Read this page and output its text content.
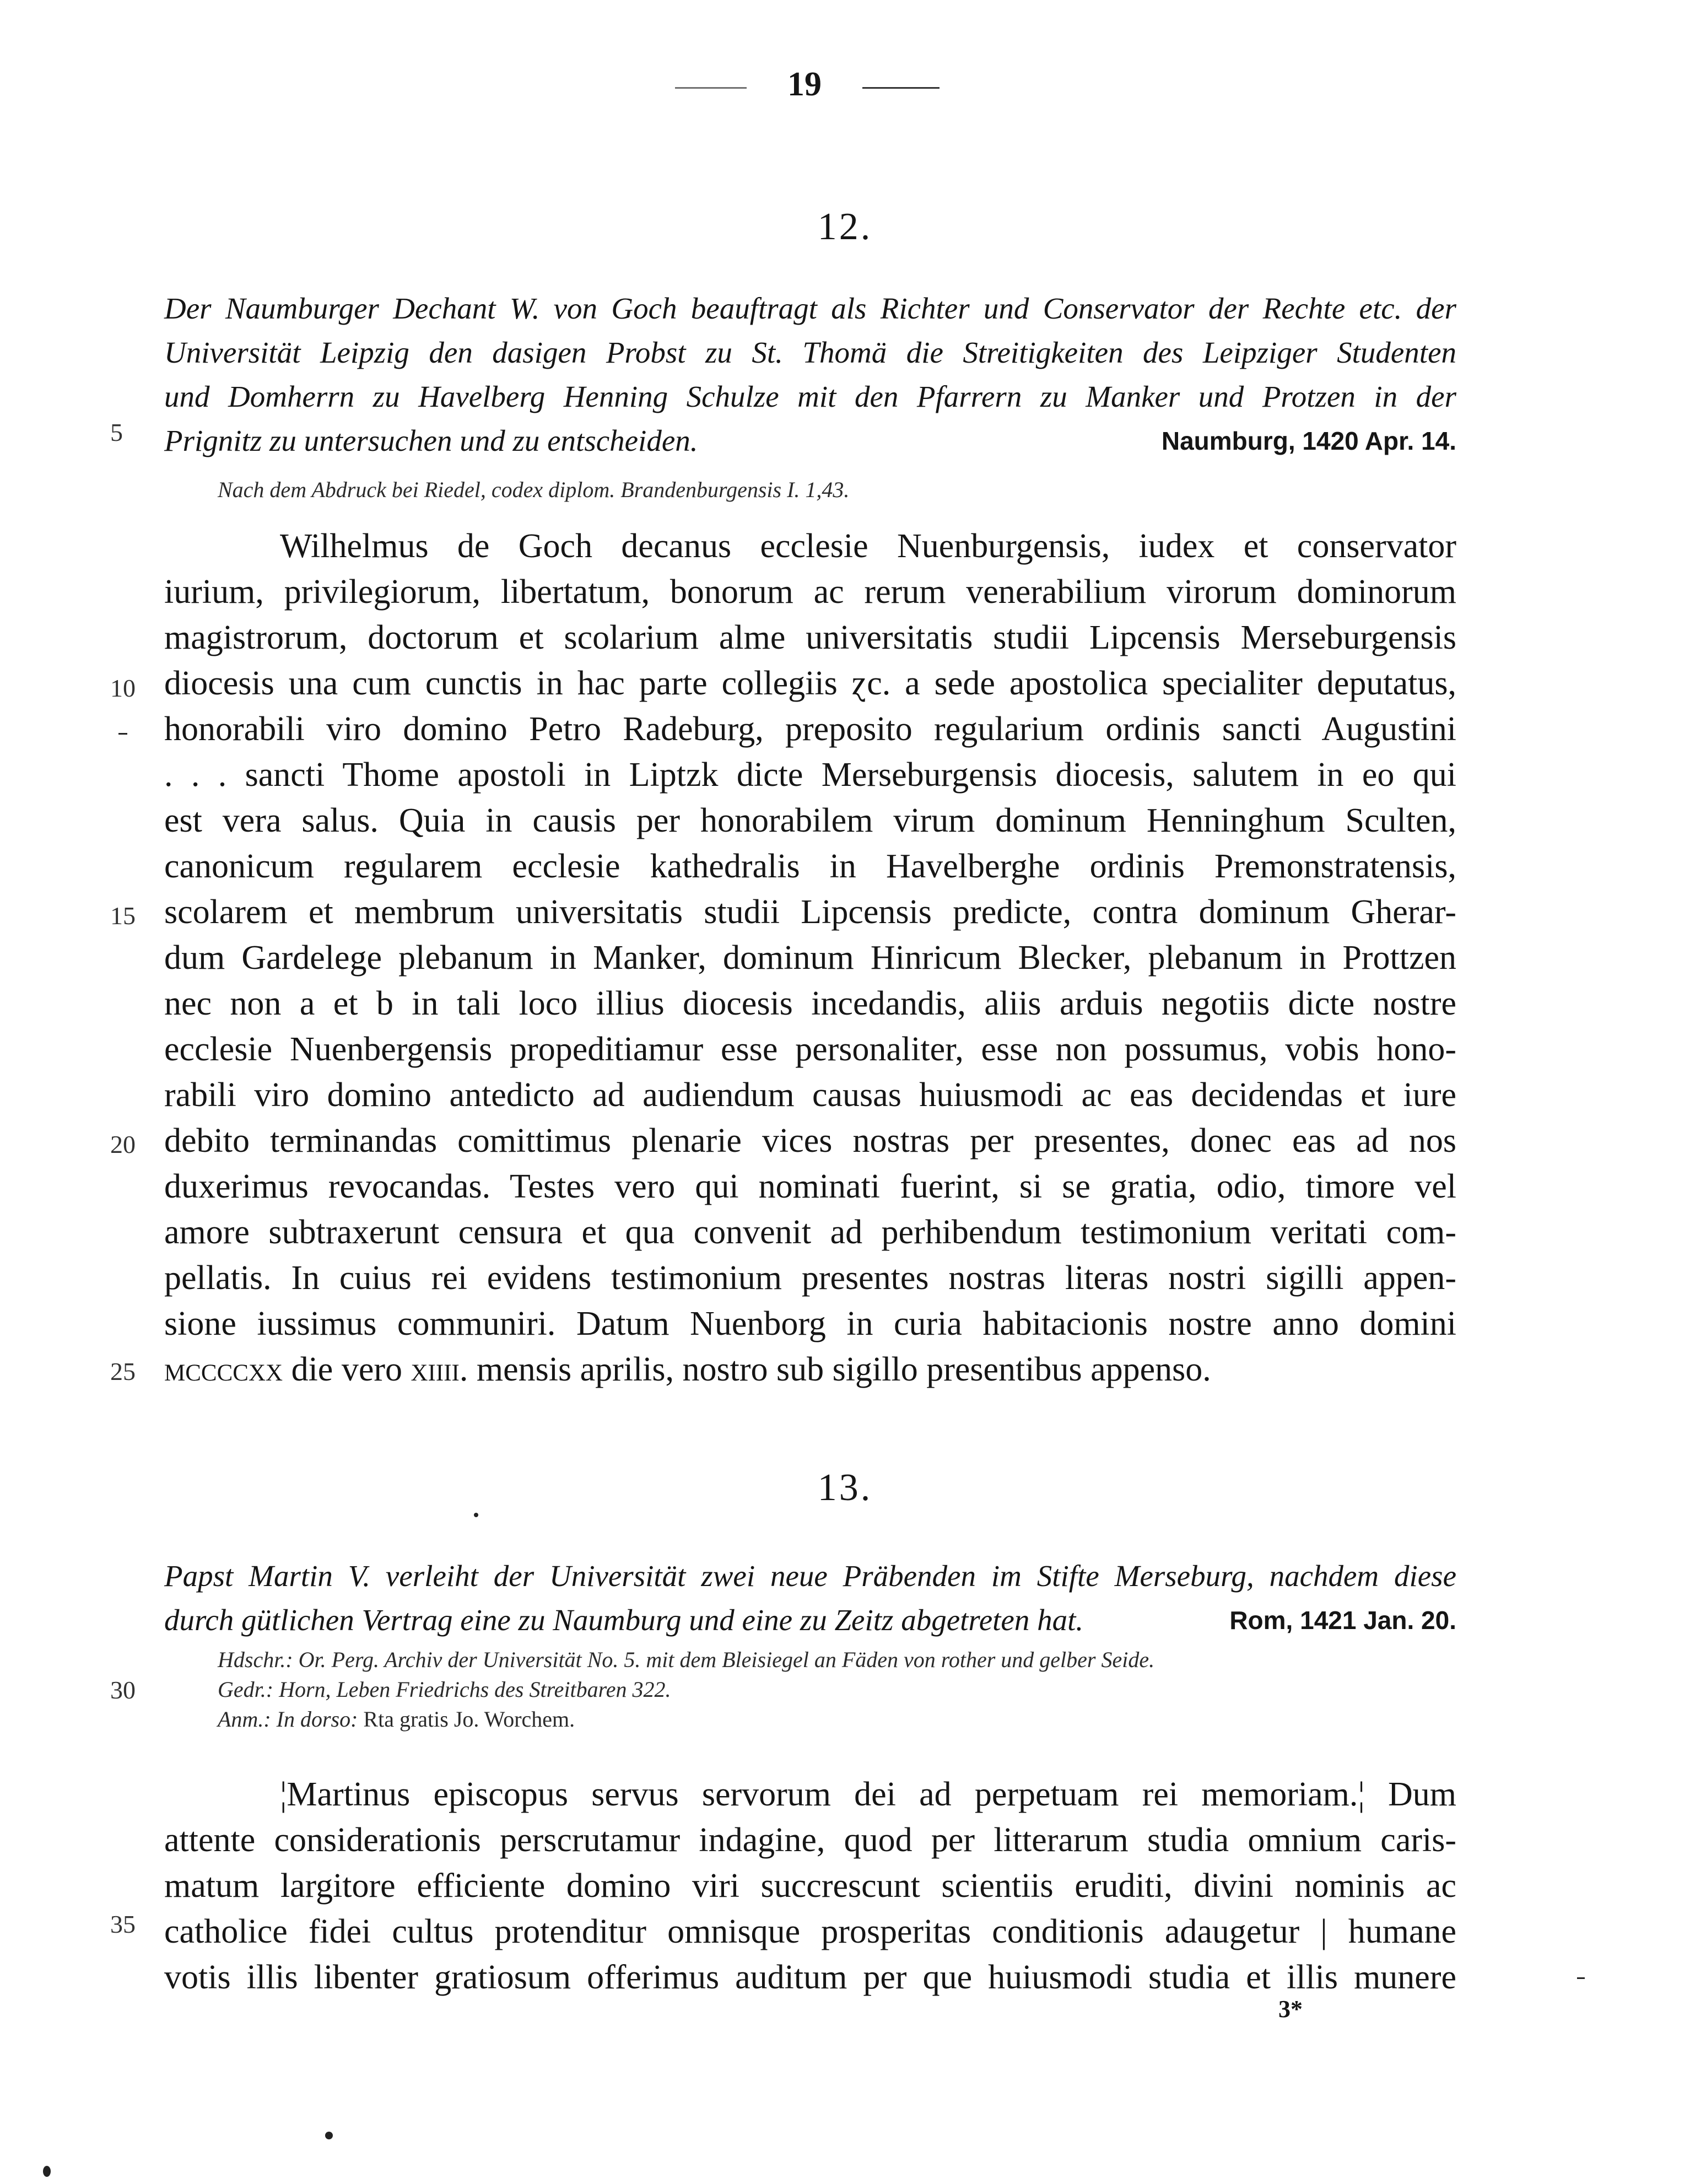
19
12.
Der Naumburger Dechant W. von Goch beauftragt als Richter und Conservator der Rechte etc. der
Universität Leipzig den dasigen Probst zu St. Thomä die Streitigkeiten des Leipziger Studenten
und Domherrn zu Havelberg Henning Schulze mit den Pfarrern zu Manker und Protzen in der
Prignitz zu untersuchen und zu entscheiden.	Naumburg, 1420 Apr. 14.
Nach dem Abdruck bei Riedel, codex diplom. Brandenburgensis I. 1,43.
Wilhelmus de Goch decanus ecclesie Nuenburgensis, iudex et conservator
iurium, privilegiorum, libertatum, bonorum ac rerum venerabilium virorum dominorum
magistrorum, doctorum et scolarium alme universitatis studii Lipcensis Merseburgensis
diocesis una cum cunctis in hac parte collegiis ɀc. a sede apostolica specialiter deputatus,
honorabili viro domino Petro Radeburg, preposito regularium ordinis sancti Augustini
. . . sancti Thome apostoli in Liptzk dicte Merseburgensis diocesis, salutem in eo qui
est vera salus. Quia in causis per honorabilem virum dominum Henninghum Sculten,
canonicum regularem ecclesie kathedralis in Havelberghe ordinis Premonstratensis,
scolarem et membrum universitatis studii Lipcensis predicte, contra dominum Gherar-
dum Gardelege plebanum in Manker, dominum Hinricum Blecker, plebanum in Prottzen
nec non a et b in tali loco illius diocesis incedandis, aliis arduis negotiis dicte nostre
ecclesie Nuenbergensis propeditiamur esse personaliter, esse non possumus, vobis hono-
rabili viro domino antedicto ad audiendum causas huiusmodi ac eas decidendas et iure
debito terminandas comittimus plenarie vices nostras per presentes, donec eas ad nos
duxerimus revocandas. Testes vero qui nominati fuerint, si se gratia, odio, timore vel
amore subtraxerunt censura et qua convenit ad perhibendum testimonium veritati com-
pellatis. In cuius rei evidens testimonium presentes nostras literas nostri sigilli appen-
sione iussimus communiri. Datum Nuenborg in curia habitacionis nostre anno domini
mccccxx die vero xiiii. mensis aprilis, nostro sub sigillo presentibus appenso.
13.
Papst Martin V. verleiht der Universität zwei neue Präbenden im Stifte Merseburg, nachdem diese
durch gütlichen Vertrag eine zu Naumburg und eine zu Zeitz abgetreten hat.	Rom, 1421 Jan. 20.
Hdschr.: Or. Perg. Archiv der Universität No. 5. mit dem Bleisiegel an Fäden von rother und gelber Seide.
Gedr.: Horn, Leben Friedrichs des Streitbaren 322.
Anm.: In dorso: Rta gratis Jo. Worchem.
¦Martinus episcopus servus servorum dei ad perpetuam rei memoriam.¦ Dum
attente considerationis perscrutamur indagine, quod per litterarum studia omnium caris-
matum largitore efficiente domino viri succrescunt scientiis eruditi, divini nominis ac
catholice fidei cultus protenditur omnisque prosperitas conditionis adaugetur | humane
votis illis libenter gratiosum offerimus auditum per que huiusmodi studia et illis munere
5
10
15
20
25
30
35
3*
